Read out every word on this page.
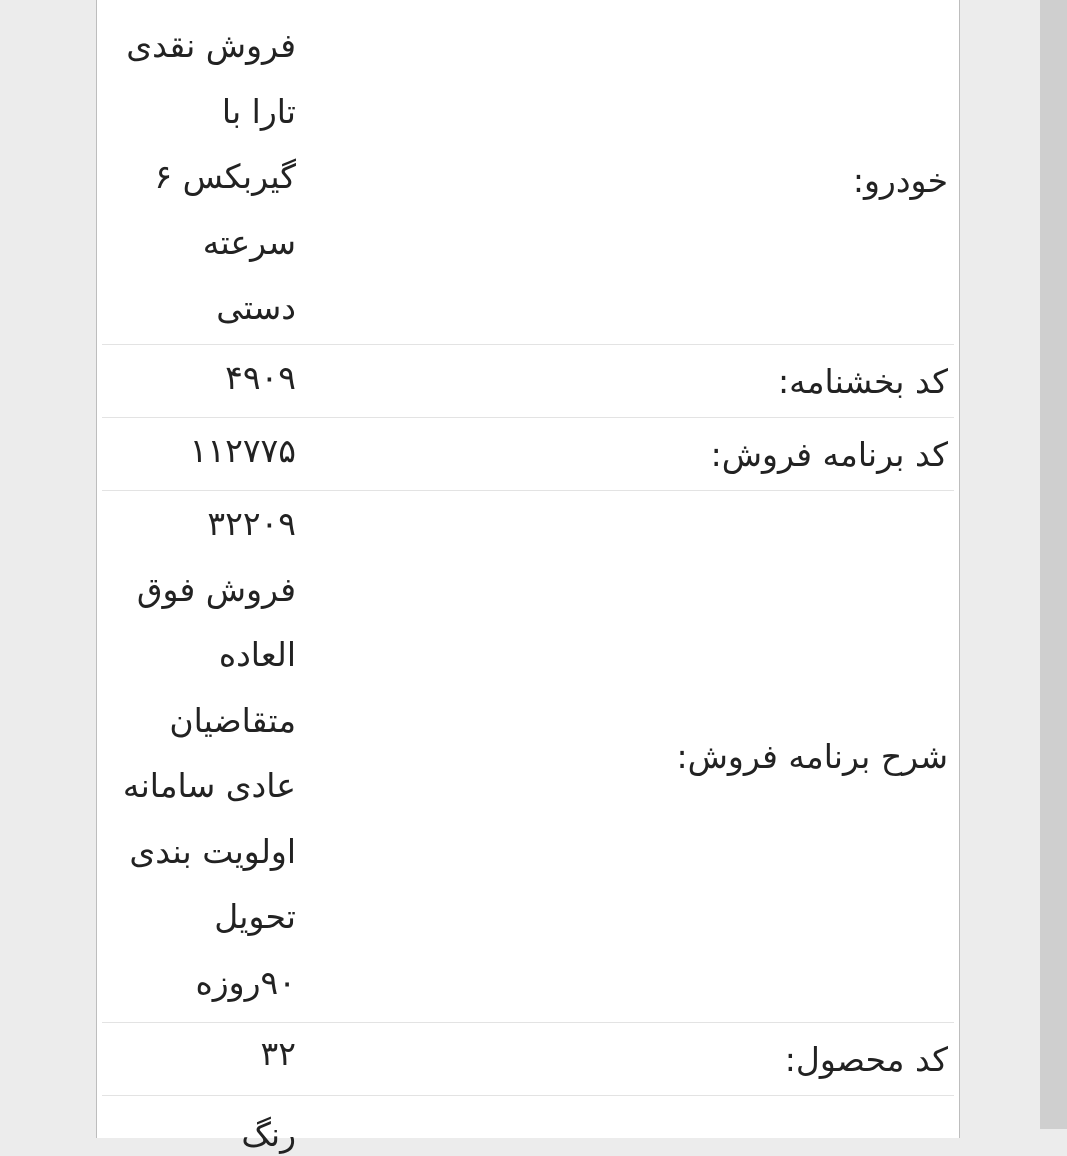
خودرو:
فروش نقدی
تارا با
گیربکس ۶
سرعته
دستی
کد بخشنامه:
۴۹۰۹
کد برنامه فروش:
۱۱۲۷۷۵
شرح برنامه فروش:
۳۲۲۰۹
فروش فوق
العاده
متقاضیان
عادی سامانه
اولویت بندی
تحویل
۹۰روزه
کد محصول:
۳۲
رنگ
